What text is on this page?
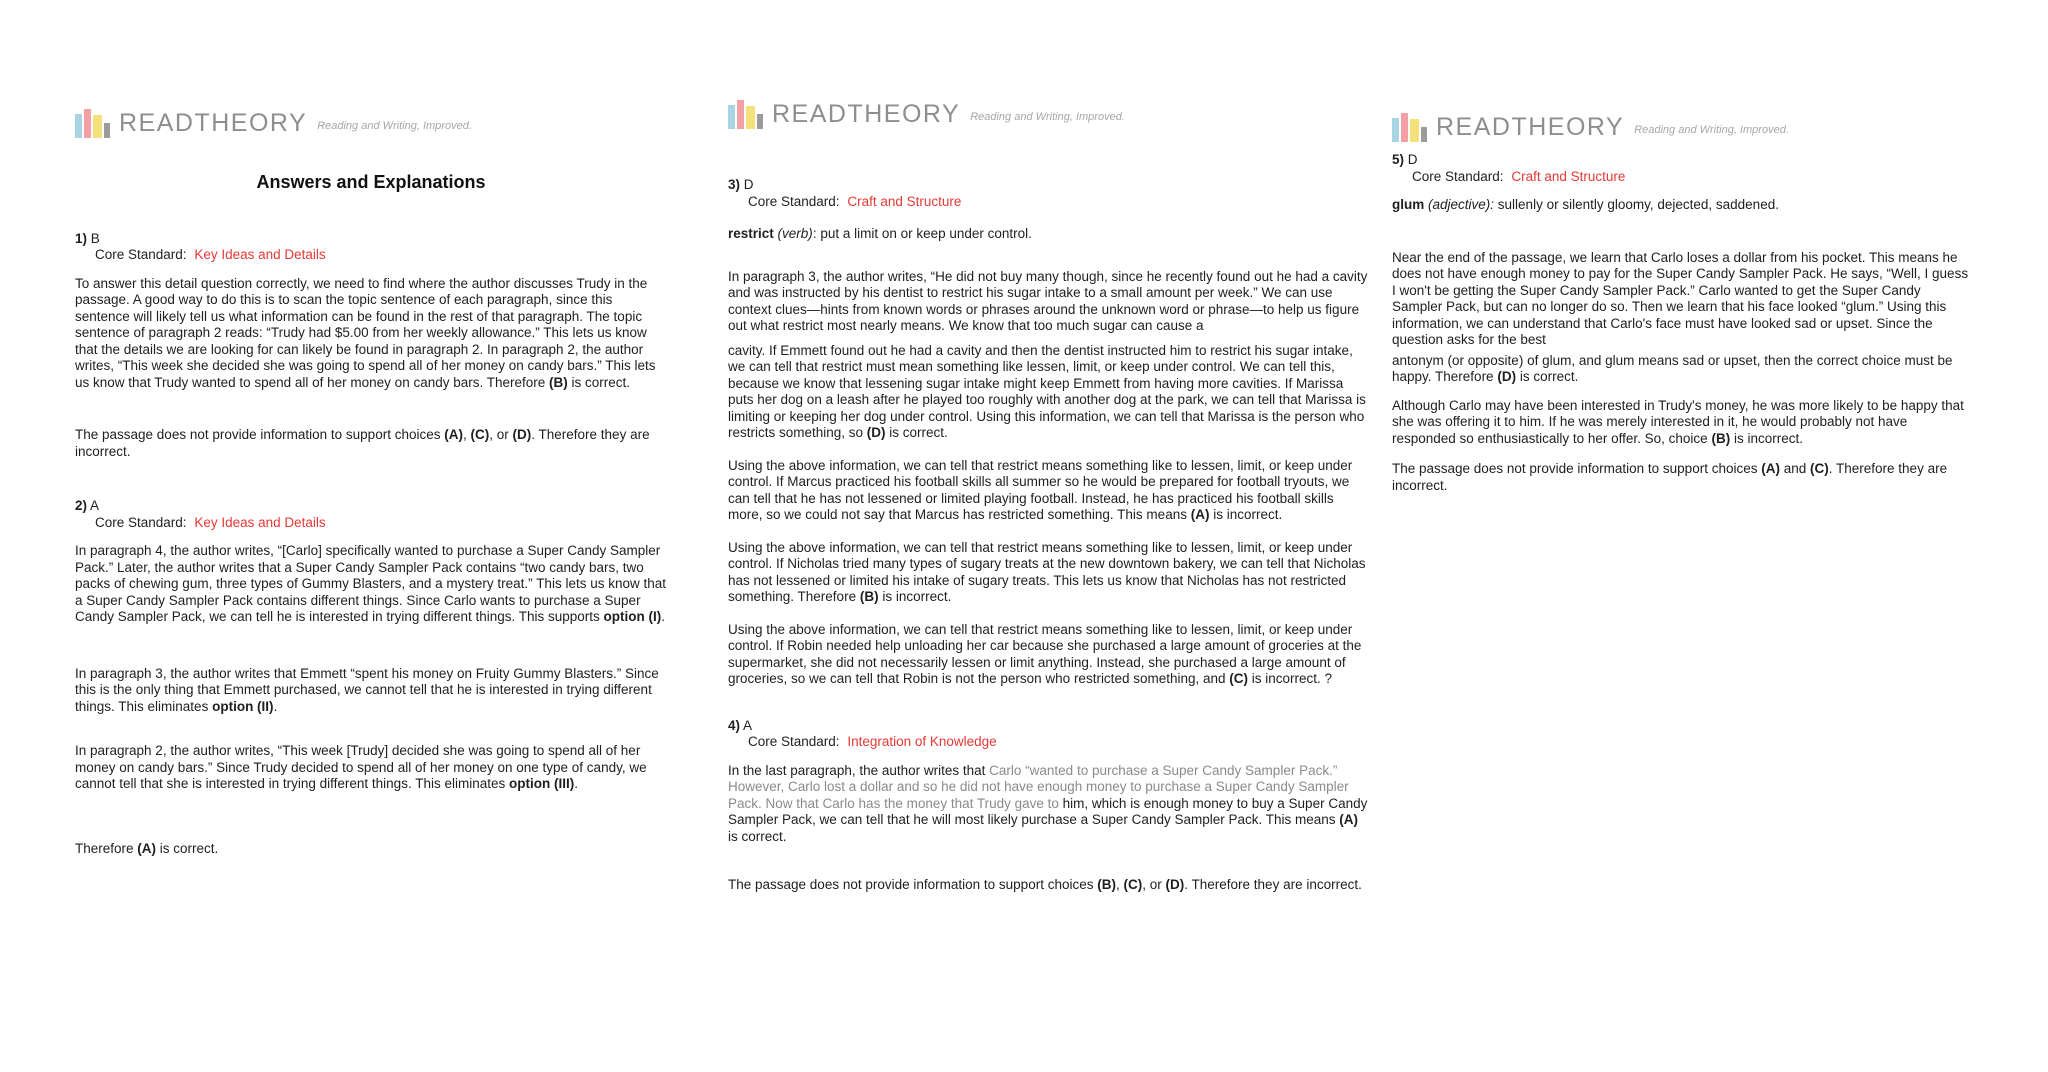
READTHEORY Reading and Writing, Improved.
Answers and Explanations
1) B
Core Standard: Key Ideas and Details

To answer this detail question correctly, we need to find where the author discusses Trudy in the passage. A good way to do this is to scan the topic sentence of each paragraph, since this sentence will likely tell us what information can be found in the rest of that paragraph. The topic sentence of paragraph 2 reads: “Trudy had $5.00 from her weekly allowance.” This lets us know that the details we are looking for can likely be found in paragraph 2. In paragraph 2, the author writes, “This week she decided she was going to spend all of her money on candy bars.” This lets us know that Trudy wanted to spend all of her money on candy bars. Therefore (B) is correct.

The passage does not provide information to support choices (A), (C), or (D). Therefore they are incorrect.

2) A
Core Standard: Key Ideas and Details

In paragraph 4, the author writes, “[Carlo] specifically wanted to purchase a Super Candy Sampler Pack.” Later, the author writes that a Super Candy Sampler Pack contains “two candy bars, two packs of chewing gum, three types of Gummy Blasters, and a mystery treat.” This lets us know that a Super Candy Sampler Pack contains different things. Since Carlo wants to purchase a Super Candy Sampler Pack, we can tell he is interested in trying different things. This supports option (I).

In paragraph 3, the author writes that Emmett “spent his money on Fruity Gummy Blasters.” Since this is the only thing that Emmett purchased, we cannot tell that he is interested in trying different things. This eliminates option (II).

In paragraph 2, the author writes, “This week [Trudy] decided she was going to spend all of her money on candy bars.” Since Trudy decided to spend all of her money on one type of candy, we cannot tell that she is interested in trying different things. This eliminates option (III).

Therefore (A) is correct.

READTHEORY Reading and Writing, Improved.
3) D
Core Standard: Craft and Structure

restrict (verb): put a limit on or keep under control.

In paragraph 3, the author writes, “He did not buy many though, since he recently found out he had a cavity and was instructed by his dentist to restrict his sugar intake to a small amount per week.” We can use context clues—hints from known words or phrases around the unknown word or phrase—to help us figure out what restrict most nearly means. We know that too much sugar can cause a

cavity. If Emmett found out he had a cavity and then the dentist instructed him to restrict his sugar intake, we can tell that restrict must mean something like lessen, limit, or keep under control. We can tell this, because we know that lessening sugar intake might keep Emmett from having more cavities. If Marissa puts her dog on a leash after he played too roughly with another dog at the park, we can tell that Marissa is limiting or keeping her dog under control. Using this information, we can tell that Marissa is the person who restricts something, so (D) is correct.

Using the above information, we can tell that restrict means something like to lessen, limit, or keep under control. If Marcus practiced his football skills all summer so he would be prepared for football tryouts, we can tell that he has not lessened or limited playing football. Instead, he has practiced his football skills more, so we could not say that Marcus has restricted something. This means (A) is incorrect.

Using the above information, we can tell that restrict means something like to lessen, limit, or keep under control. If Nicholas tried many types of sugary treats at the new downtown bakery, we can tell that Nicholas has not lessened or limited his intake of sugary treats. This lets us know that Nicholas has not restricted something. Therefore (B) is incorrect.

Using the above information, we can tell that restrict means something like to lessen, limit, or keep under control. If Robin needed help unloading her car because she purchased a large amount of groceries at the supermarket, she did not necessarily lessen or limit anything. Instead, she purchased a large amount of groceries, so we can tell that Robin is not the person who restricted something, and (C) is incorrect. ?

4) A
Core Standard: Integration of Knowledge

In the last paragraph, the author writes that Carlo “wanted to purchase a Super Candy Sampler Pack.” However, Carlo lost a dollar and so he did not have enough money to purchase a Super Candy Sampler Pack. Now that Carlo has the money that Trudy gave to him, which is enough money to buy a Super Candy Sampler Pack, we can tell that he will most likely purchase a Super Candy Sampler Pack. This means (A) is correct.

The passage does not provide information to support choices (B), (C), or (D). Therefore they are incorrect.

READTHEORY Reading and Writing, Improved.
5) D
Core Standard: Craft and Structure

glum (adjective): sullenly or silently gloomy, dejected, saddened.

Near the end of the passage, we learn that Carlo loses a dollar from his pocket. This means he does not have enough money to pay for the Super Candy Sampler Pack. He says, “Well, I guess I won't be getting the Super Candy Sampler Pack.” Carlo wanted to get the Super Candy Sampler Pack, but can no longer do so. Then we learn that his face looked “glum.” Using this information, we can understand that Carlo's face must have looked sad or upset. Since the question asks for the best

antonym (or opposite) of glum, and glum means sad or upset, then the correct choice must be happy. Therefore (D) is correct.

Although Carlo may have been interested in Trudy's money, he was more likely to be happy that she was offering it to him. If he was merely interested in it, he would probably not have responded so enthusiastically to her offer. So, choice (B) is incorrect.

The passage does not provide information to support choices (A) and (C). Therefore they are incorrect.
